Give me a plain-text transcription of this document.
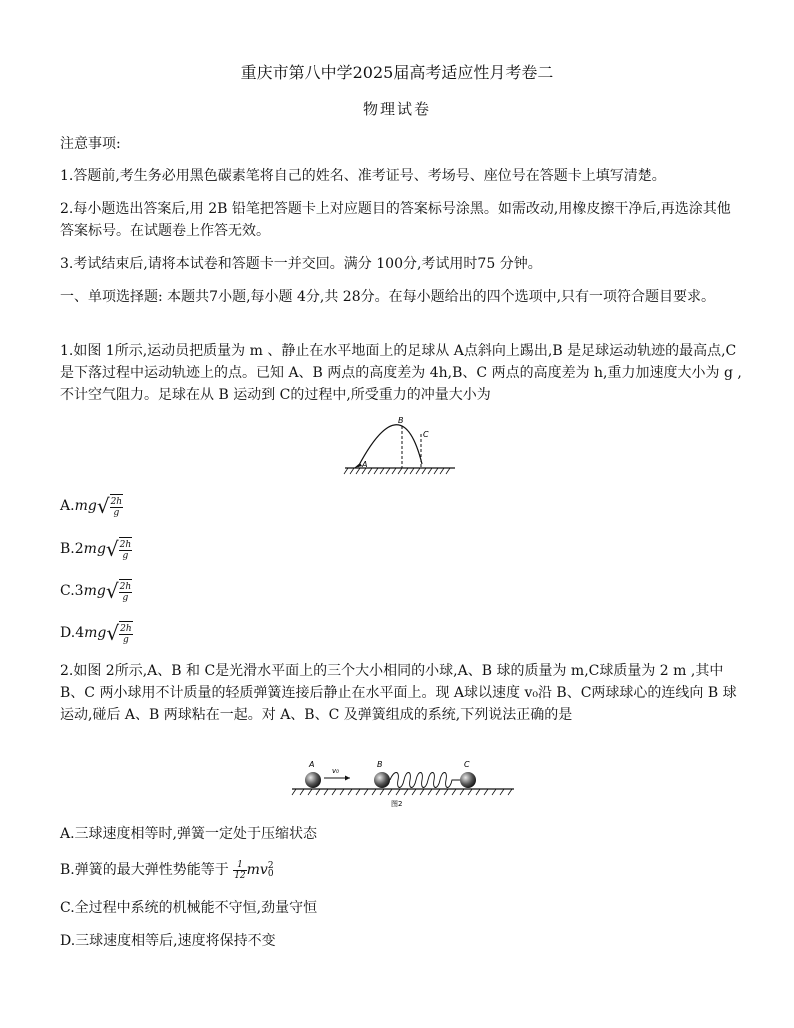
重庆市第八中学2025届高考适应性月考卷二
物理试卷
注意事项:
1.答题前,考生务必用黑色碳素笔将自己的姓名、准考证号、考场号、座位号在答题卡上填写清楚。
2.每小题选出答案后,用 2B 铅笔把答题卡上对应题目的答案标号涂黑。如需改动,用橡皮擦干净后,再选涂其他答案标号。在试题卷上作答无效。
3.考试结束后,请将本试卷和答题卡一并交回。满分 100分,考试用时75 分钟。
一、单项选择题: 本题共7小题,每小题 4分,共 28分。在每小题给出的四个选项中,只有一项符合题目要求。
1.如图 1所示,运动员把质量为 m 、静止在水平地面上的足球从 A点斜向上踢出,B 是足球运动轨迹的最高点,C 是下落过程中运动轨迹上的点。已知 A、B 两点的高度差为 4h,B、C 两点的高度差为 h,重力加速度大小为 g ,不计空气阻力。足球在从 B 运动到 C的过程中,所受重力的冲量大小为
A
B
C
$A.mg√ \frac{2h}{g}$
$B.2mg√ \frac{2h}{g}$
$C.3mg√ \frac{2h}{g}$
$D.4mg√ \frac{2h}{g}$
2.如图 2所示,A、B 和 C是光滑水平面上的三个大小相同的小球,A、B 球的质量为 m,C球质量为 2 m ,其中 B、C 两小球用不计质量的轻质弹簧连接后静止在水平面上。现 A球以速度 v₀沿 B、C两球球心的连线向 B 球运动,碰后 A、B 两球粘在一起。对 A、B、C 及弹簧组成的系统,下列说法正确的是
A
v₀
B	C
图2
A.三球速度相等时,弹簧一定处于压缩状态
B.弹簧的最大弹性势能等于 $\frac{1}{12}$ mv 2
0
C.全过程中系统的机械能不守恒,劲量守恒
D.三球速度相等后,速度将保持不变
